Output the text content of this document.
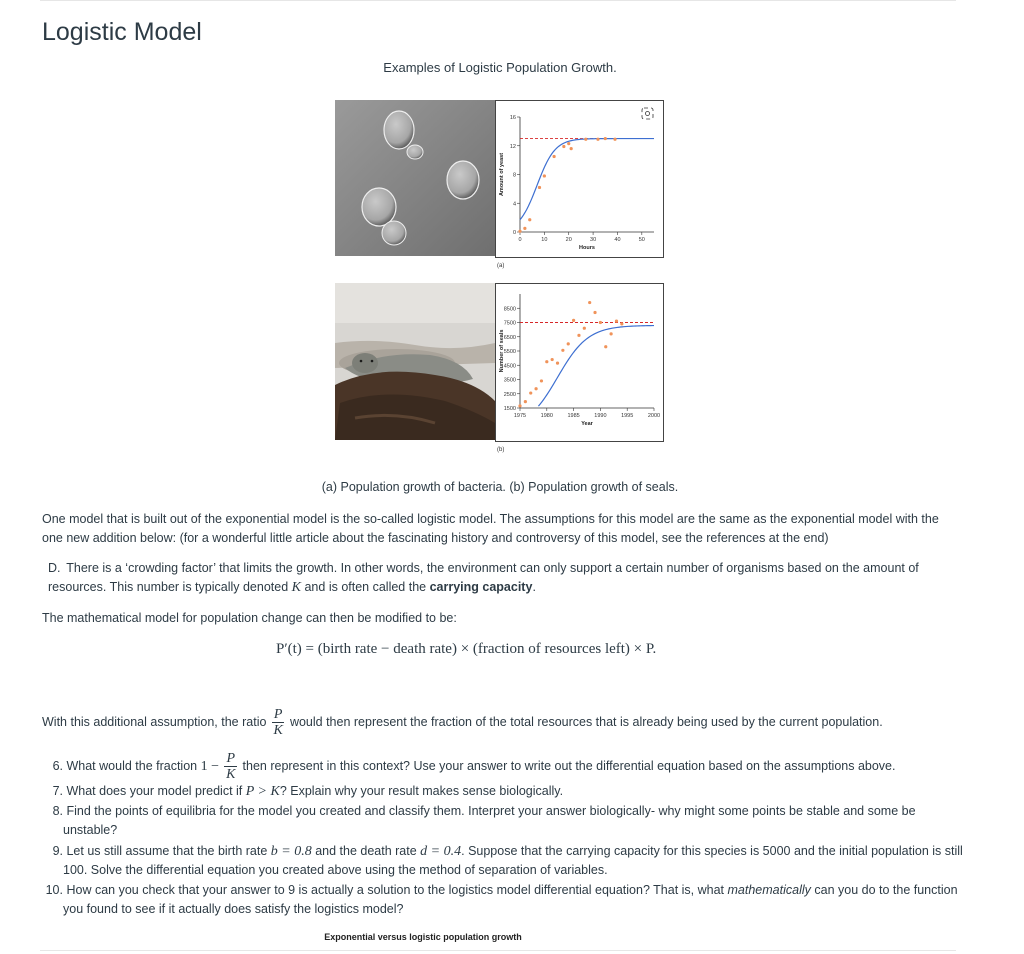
Logistic Model
Examples of Logistic Population Growth.
0	10	20	30	40	50
0
4
8
12
16
Hours
Amount of yeast
(a)
1975	1980	1985	1990	1995	2000
1500
2500
3500
4500
5500
6500
7500
8500
Year
Number of seals
(b)
(a) Population growth of bacteria. (b) Population growth of seals.

One model that is built out of the exponential model is the so-called logistic model. The assumptions for this model are the same as the exponential model with the one new addition below: (for a wonderful little article about the fascinating history and controversy of this model, see the references at the end)

D. There is a ‘crowding factor’ that limits the growth. In other words, the environment can only support a certain number of organisms based on the amount of resources. This number is typically denoted K and is often called the carrying capacity.

The mathematical model for population change can then be modified to be:

P′(t) = (birth rate − death rate) × (fraction of resources left) × P.
With this additional assumption, the ratio $\frac{P}{K}$ would then represent the fraction of the total resources that is already being used by the current population.
6. What would the fraction $1 - \frac{P}{K}$ then represent in this context? Use your answer to write out the differential equation based on the assumptions above.
7. What does your model predict if P > K? Explain why your result makes sense biologically.
8. Find the points of equilibria for the model you created and classify them. Interpret your answer biologically- why might some points be stable and some be unstable?
9. Let us still assume that the birth rate b = 0.8 and the death rate d = 0.4. Suppose that the carrying capacity for this species is 5000 and the initial population is still 100. Solve the differential equation you created above using the method of separation of variables.
10. How can you check that your answer to 9 is actually a solution to the logistics model differential equation? That is, what mathematically can you do to the function you found to see if it actually does satisfy the logistics model?
Exponential versus logistic population growth
